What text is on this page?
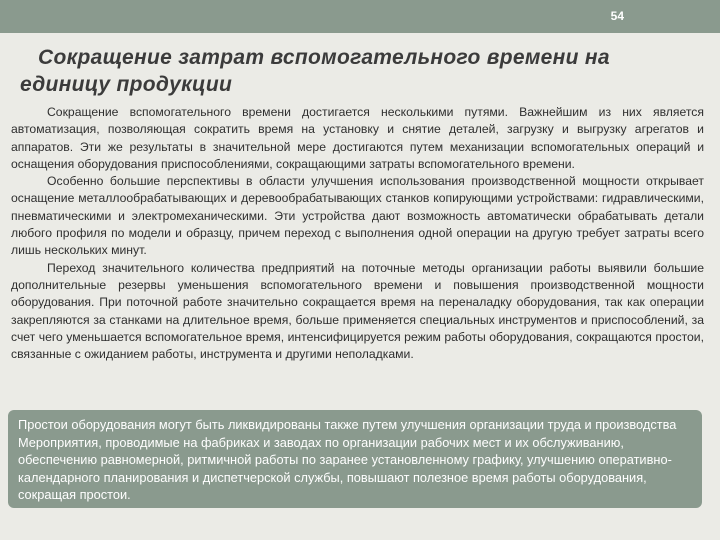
54
Сокращение затрат вспомогательного времени на
единицу продукции

Сокращение вспомогательного времени достигается несколькими путями. Важнейшим из них является автоматизация, позволяющая сократить время на установку и снятие деталей, загрузку и выгрузку агрегатов и аппаратов. Эти же результаты в значительной мере достигаются путем механизации вспомогательных операций и оснащения оборудования приспособлениями, сокращающими затраты вспомогательного времени.

Особенно большие перспективы в области улучшения использования производственной мощности открывает оснащение металлообрабатывающих и деревообрабатывающих станков копирующими устройствами: гидравлическими, пневматическими и электромеханическими. Эти устройства дают возможность автоматически обрабатывать детали любого профиля по модели и образцу, причем переход с выполнения одной операции на другую требует затраты всего лишь нескольких минут.

Переход значительного количества предприятий на поточные методы организации работы выявили большие дополнительные резервы уменьшения вспомогательного времени и повышения производственной мощности оборудования. При поточной работе значительно сокращается время на переналадку оборудования, так как операции закрепляются за станками на длительное время, больше применяется специальных инструментов и приспособлений, за счет чего уменьшается вспомогательное время, интенсифицируется режим работы оборудования, сокращаются простои, связанные с ожиданием работы, инструмента и другими неполадками.

Простои оборудования могут быть ликвидированы также путем улучшения организации труда и производства Мероприятия, проводимые на фабриках и заводах по организации рабочих мест и их обслуживанию, обеспечению равномерной, ритмичной работы по заранее установленному графику, улучшению оперативно-календарного планирования и диспетчерской службы, повышают полезное время работы оборудования, сокращая простои.
